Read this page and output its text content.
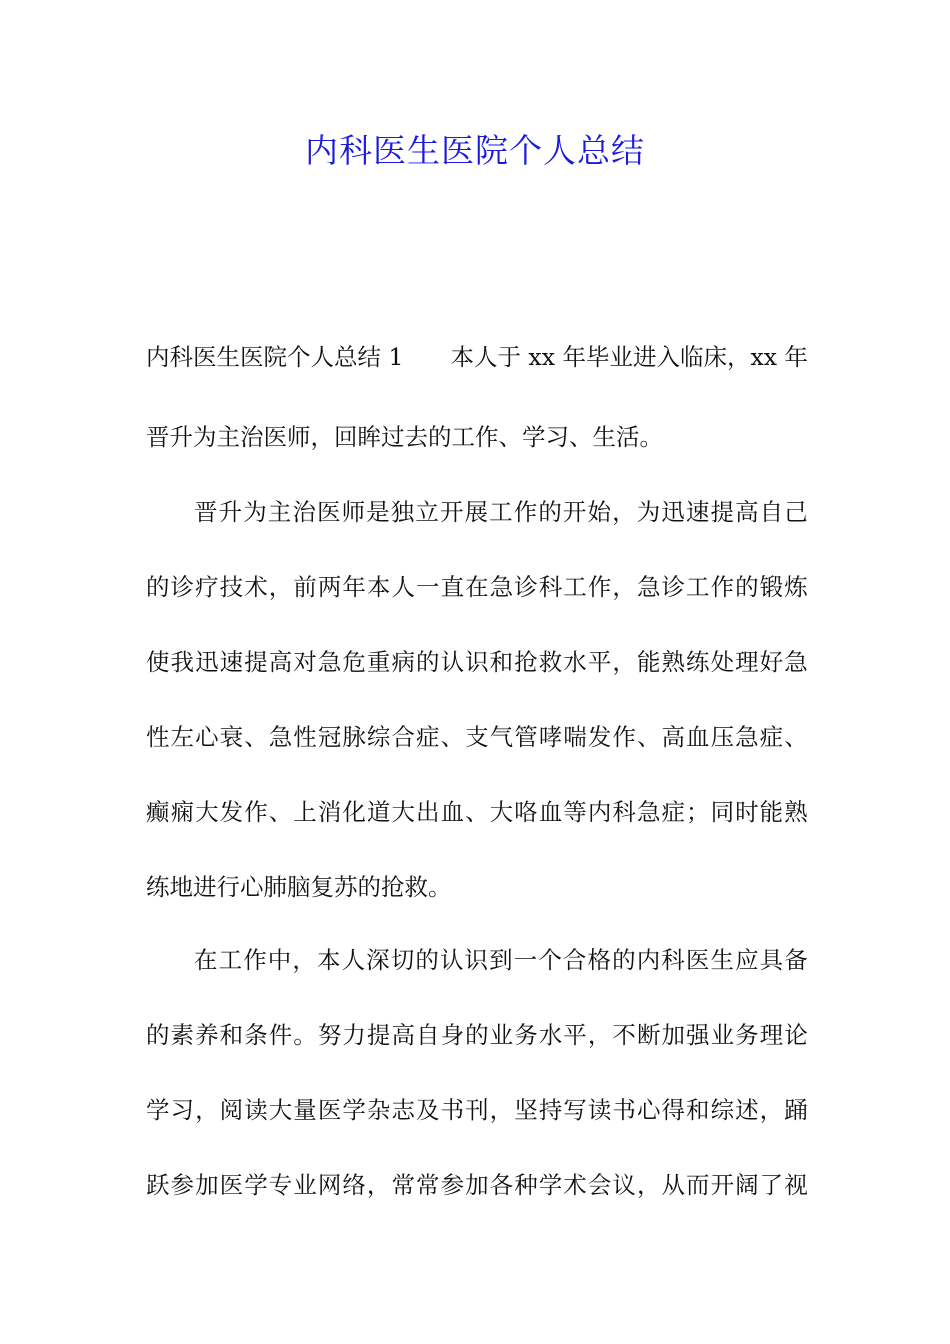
内科医生医院个人总结
内 科 医 生 医 院 个 人 总 结
1

　 本 人 于
x x
年 毕 业 进 入 临 床 ， x x
年
晋升为主治医师，回眸过去的工作、学习、生活。
晋 升 为 主 治 医 师 是 独 立 开 展 工 作 的 开 始 ， 为 迅 速 提 高 自 己
的 诊 疗 技 术 ， 前 两 年 本 人 一 直 在 急 诊 科 工 作 ， 急 诊 工 作 的 锻 炼
使 我 迅 速 提 高 对 急 危 重 病 的 认 识 和 抢 救 水 平 ， 能 熟 练 处 理 好 急
性 左 心 衰 、 急 性 冠 脉 综 合 症 、 支 气 管 哮 喘 发 作 、 高 血 压 急 症 、
癫 痫 大 发 作 、 上 消 化 道 大 出 血 、 大 咯 血 等 内 科 急 症 ； 同 时 能 熟
练地进行心肺脑复苏的抢救。
在 工 作 中 ， 本 人 深 切 的 认 识 到 一 个 合 格 的 内 科 医 生 应 具 备
的 素 养 和 条 件 。 努 力 提 高 自 身 的 业 务 水 平 ， 不 断 加 强 业 务 理 论
学 习 ， 阅 读 大 量 医 学 杂 志 及 书 刊 ， 坚 持 写 读 书 心 得 和 综 述 ， 踊
跃 参 加 医 学 专 业 网 络 ， 常 常 参 加 各 种 学 术 会 议 ， 从 而 开 阔 了 视
